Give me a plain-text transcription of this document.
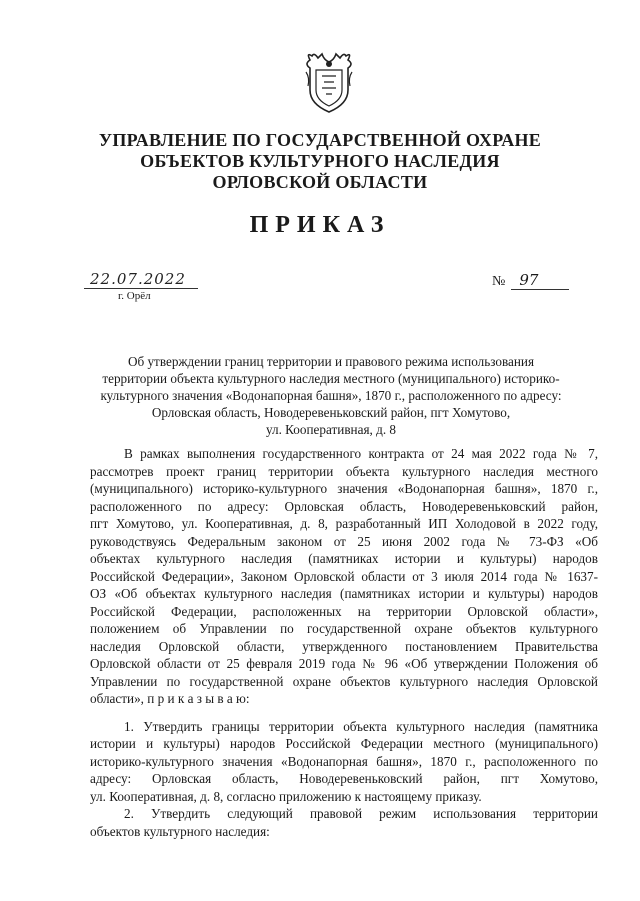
УПРАВЛЕНИЕ ПО ГОСУДАРСТВЕННОЙ ОХРАНЕ
ОБЪЕКТОВ КУЛЬТУРНОГО НАСЛЕДИЯ
ОРЛОВСКОЙ ОБЛАСТИ
ПРИКАЗ
22.07.2022
г. Орёл
№ 97
Об утверждении границ территории и правового режима использования
территории объекта культурного наследия местного (муниципального) историко-
культурного значения «Водонапорная башня», 1870 г., расположенного по адресу:
Орловская область, Новодеревеньковский район, пгт Хомутово,
ул. Кооперативная, д. 8
В рамках выполнения государственного контракта от 24 мая 2022 года № 7,
рассмотрев проект границ территории объекта культурного наследия местного
(муниципального) историко-культурного значения «Водонапорная башня», 1870 г.,
расположенного по адресу: Орловская область, Новодеревеньковский район,
пгт Хомутово, ул. Кооперативная, д. 8, разработанный ИП Холодовой в 2022 году,
руководствуясь Федеральным законом от 25 июня 2002 года № 73-ФЗ «Об
объектах культурного наследия (памятниках истории и культуры) народов
Российской Федерации», Законом Орловской области от 3 июля 2014 года № 1637-
ОЗ «Об объектах культурного наследия (памятниках истории и культуры) народов
Российской Федерации, расположенных на территории Орловской области»,
положением об Управлении по государственной охране объектов культурного
наследия Орловской области, утвержденного постановлением Правительства
Орловской области от 25 февраля 2019 года № 96 «Об утверждении Положения об
Управлении по государственной охране объектов культурного наследия Орловской
области», п р и к а з ы в а ю:
1. Утвердить границы территории объекта культурного наследия (памятника
истории и культуры) народов Российской Федерации местного (муниципального)
историко-культурного значения «Водонапорная башня», 1870 г., расположенного по
адресу: Орловская область, Новодеревеньковский район, пгт Хомутово,
ул. Кооперативная, д. 8, согласно приложению к настоящему приказу.
2. Утвердить следующий правовой режим использования территории
объектов культурного наследия:
